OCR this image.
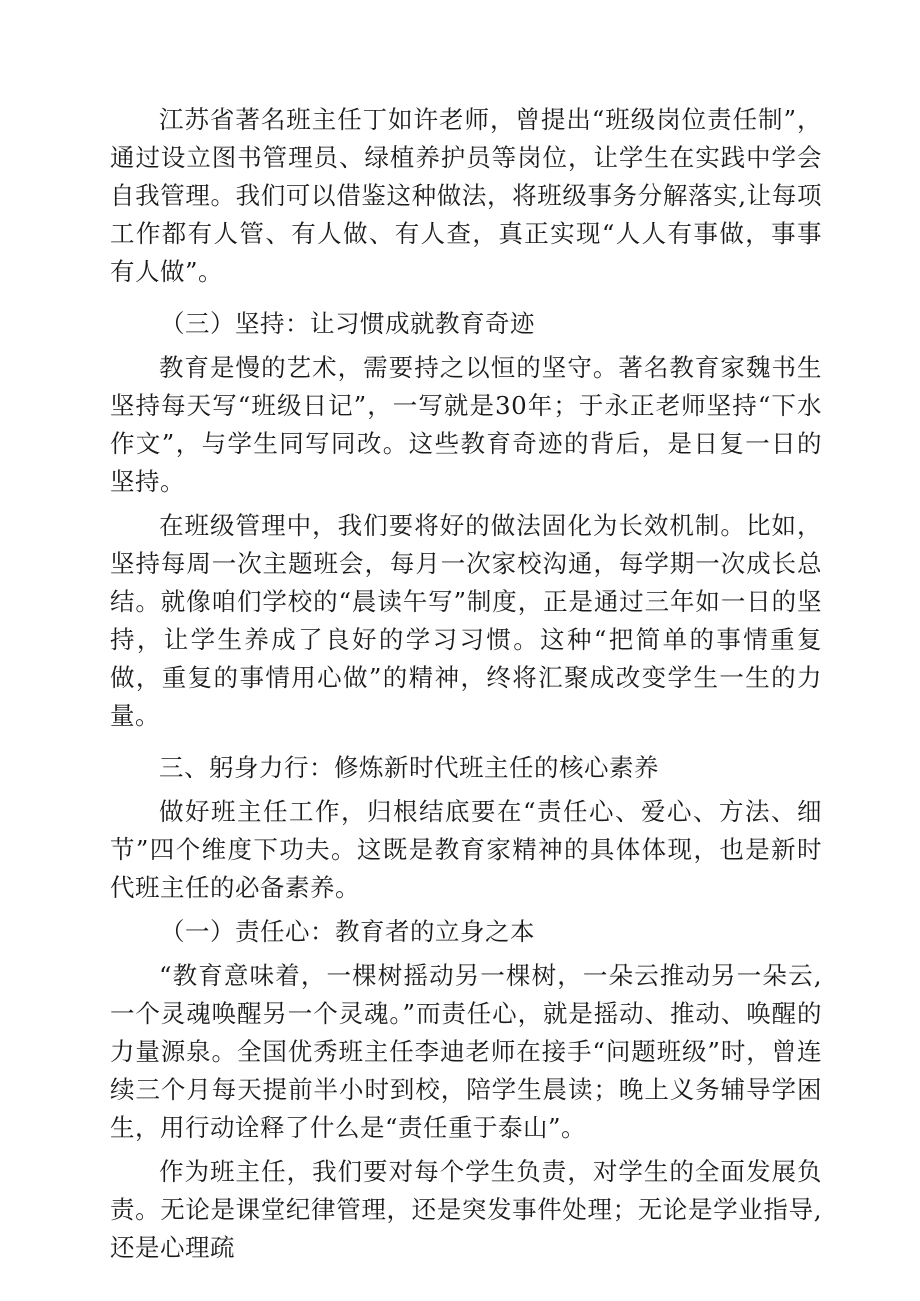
江苏省著名班主任丁如许老师，曾提出“班级岗位责任制”，通过设立图书管理员、绿植养护员等岗位，让学生在实践中学会自我管理。我们可以借鉴这种做法，将班级事务分解落实,让每项工作都有人管、有人做、有人查，真正实现“人人有事做，事事有人做”。

（三）坚持：让习惯成就教育奇迹

教育是慢的艺术，需要持之以恒的坚守。著名教育家魏书生坚持每天写“班级日记”，一写就是30年；于永正老师坚持“下水作文”，与学生同写同改。这些教育奇迹的背后，是日复一日的坚持。

在班级管理中，我们要将好的做法固化为长效机制。比如，坚持每周一次主题班会，每月一次家校沟通，每学期一次成长总结。就像咱们学校的“晨读午写”制度，正是通过三年如一日的坚持，让学生养成了良好的学习习惯。这种“把简单的事情重复做，重复的事情用心做”的精神，终将汇聚成改变学生一生的力量。

三、躬身力行：修炼新时代班主任的核心素养

做好班主任工作，归根结底要在“责任心、爱心、方法、细节”四个维度下功夫。这既是教育家精神的具体体现，也是新时代班主任的必备素养。

（一）责任心：教育者的立身之本

“教育意味着，一棵树摇动另一棵树，一朵云推动另一朵云,一个灵魂唤醒另一个灵魂。”而责任心，就是摇动、推动、唤醒的力量源泉。全国优秀班主任李迪老师在接手“问题班级”时，曾连续三个月每天提前半小时到校，陪学生晨读；晚上义务辅导学困生，用行动诠释了什么是“责任重于泰山”。

作为班主任，我们要对每个学生负责，对学生的全面发展负责。无论是课堂纪律管理，还是突发事件处理；无论是学业指导,还是心理疏
